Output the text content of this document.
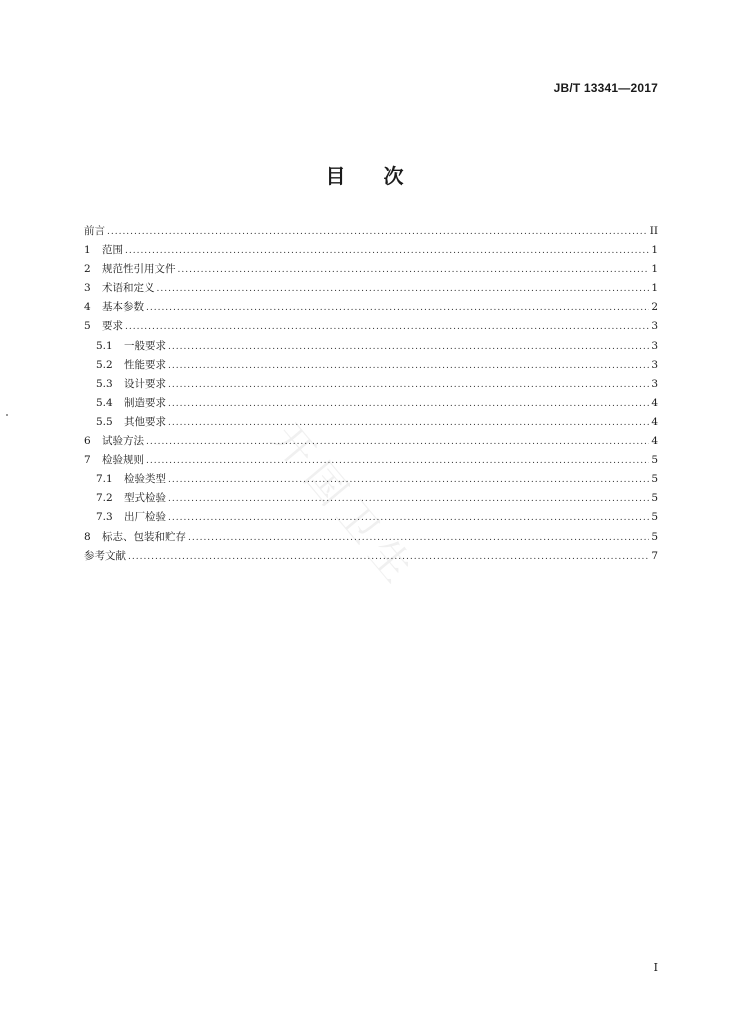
JB/T 13341—2017
目 次
开国卫生
前言 .....	II
1	范围 .....	1
2	规范性引用文件 .....	1
3	术语和定义 .....	1
4	基本参数 .....	2
5	要求 .....	3
5.1	一般要求 .....	3
5.2	性能要求 .....	3
5.3	设计要求 .....	3
5.4	制造要求 .....	4
5.5	其他要求 .....	4
6	试验方法 .....	4
7	检验规则 .....	5
7.1	检验类型 .....	5
7.2	型式检验 .....	5
7.3	出厂检验 .....	5
8	标志、包装和贮存 .....	5
参考文献 .....	7
I
